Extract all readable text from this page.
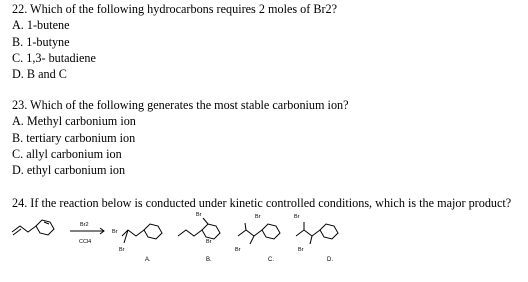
22. Which of the following hydrocarbons requires 2 moles of Br2?
A. 1-butene
B. 1-butyne
C. 1,3- butadiene
D. B and C
23. Which of the following generates the most stable carbonium ion?
A. Methyl carbonium ion
B. tertiary carbonium ion
C. allyl carbonium ion
D. ethyl carbonium ion
24. If the reaction below is conducted under kinetic controlled conditions, which is the major product?
Br2
CCl4
Br
Br
Br
Br
Br
Br
Br
Br
A.	B.	C.	D.
